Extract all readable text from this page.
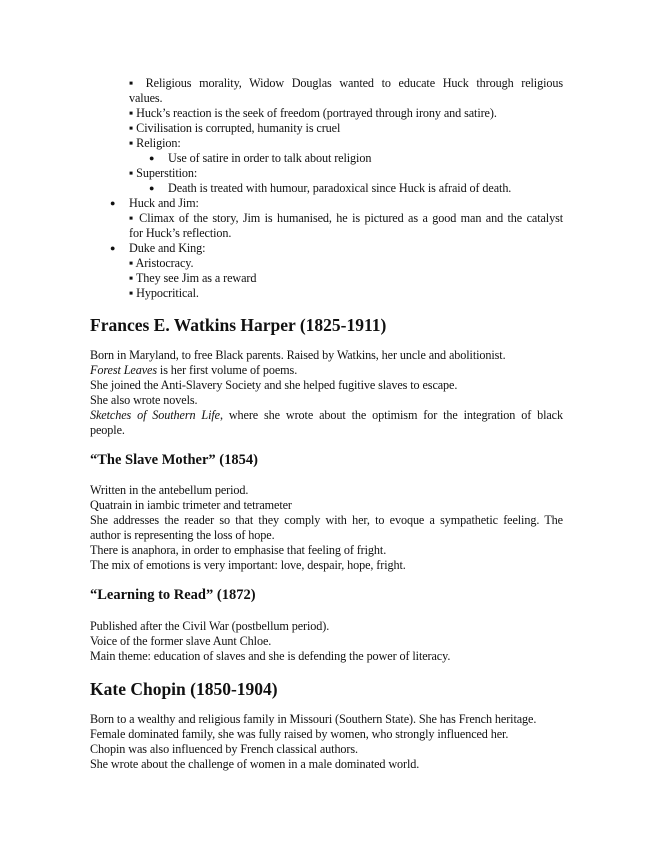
▪ Religious morality, Widow Douglas wanted to educate Huck through religious
values.
▪ Huck’s reaction is the seek of freedom (portrayed through irony and satire).
▪ Civilisation is corrupted, humanity is cruel
▪ Religion:
● Use of satire in order to talk about religion
▪ Superstition:
● Death is treated with humour, paradoxical since Huck is afraid of death.
● Huck and Jim:
▪ Climax of the story, Jim is humanised, he is pictured as a good man and the catalyst
for Huck’s reflection.
● Duke and King:
▪ Aristocracy.
▪ They see Jim as a reward
▪ Hypocritical.
Frances E. Watkins Harper (1825-1911)
Born in Maryland, to free Black parents. Raised by Watkins, her uncle and abolitionist.
Forest Leaves is her first volume of poems.
She joined the Anti-Slavery Society and she helped fugitive slaves to escape.
She also wrote novels.
Sketches of Southern Life, where she wrote about the optimism for the integration of black
people.
“The Slave Mother” (1854)
Written in the antebellum period.
Quatrain in iambic trimeter and tetrameter
She addresses the reader so that they comply with her, to evoque a sympathetic feeling. The
author is representing the loss of hope.
There is anaphora, in order to emphasise that feeling of fright.
The mix of emotions is very important: love, despair, hope, fright.
“Learning to Read” (1872)
Published after the Civil War (postbellum period).
Voice of the former slave Aunt Chloe.
Main theme: education of slaves and she is defending the power of literacy.
Kate Chopin (1850-1904)
Born to a wealthy and religious family in Missouri (Southern State). She has French heritage.
Female dominated family, she was fully raised by women, who strongly influenced her.
Chopin was also influenced by French classical authors.
She wrote about the challenge of women in a male dominated world.
